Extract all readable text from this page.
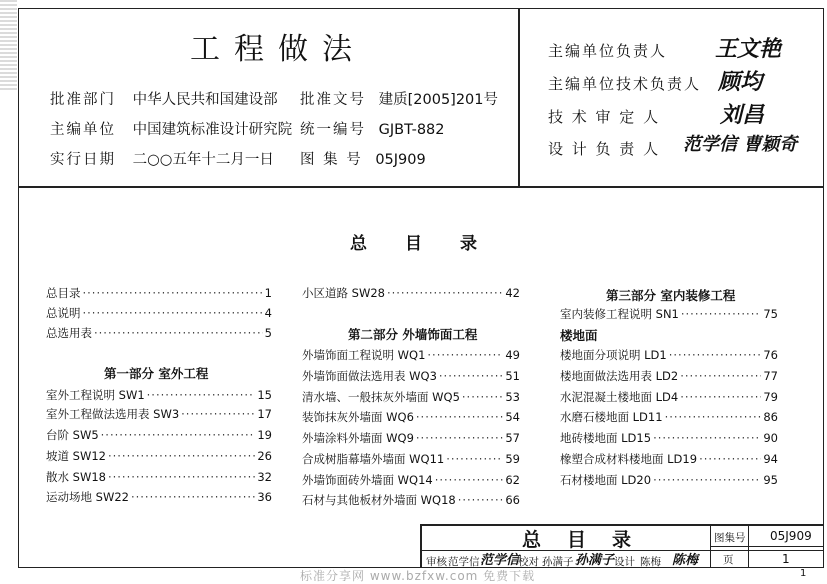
工程做法
批准部门 中华人民共和国建设部
主编单位 中国建筑标准设计研究院
实行日期 二○○五年十二月一日
批准文号 建质[2005]201号
统一编号 GJBT-882
图 集 号 05J909
主编单位负责人 王文艳
主编单位技术负责人 顾均
技 术 审 定 人	刘昌
设 计 负 责 人 范学信 曹颖奇
总目录
总目录 ·····	1
总说明 ·····	4
总选用表 ·····	5
第一部分 室外工程
室外工程说明 SW1 ·····	15
室外工程做法选用表 SW3 ·····	17
台阶 SW5 ·····	19
坡道 SW12 ·····	26
散水 SW18 ·····	32
运动场地 SW22 ·····	36
小区道路 SW28 ·····	42
第二部分 外墙饰面工程
外墙饰面工程说明 WQ1 ·····	49
外墙饰面做法选用表 WQ3 ·····	51
清水墙、一般抹灰外墙面 WQ5 ·····	53
装饰抹灰外墙面 WQ6 ·····	54
外墙涂料外墙面 WQ9 ·····	57
合成树脂幕墙外墙面 WQ11 ·····	59
外墙饰面砖外墙面 WQ14 ·····	62
石材与其他板材外墙面 WQ18 ·····	66
第三部分 室内装修工程
室内装修工程说明 SN1 ·····	75
楼地面
楼地面分项说明 LD1 ·····	76
楼地面做法选用表 LD2 ·····	77
水泥混凝土楼地面 LD4 ·····	79
水磨石楼地面 LD11 ·····	86
地砖楼地面 LD15 ·····	90
橡塑合成材料楼地面 LD19 ·····	94
石材楼地面 LD20 ·····	95
总目录	图集号 05J909
页	1
审核 范学信 范学信
校对 孙满子 孙满子 设计 陈梅 陈梅
标准分享网 www.bzfxw.com 免费下载	1
